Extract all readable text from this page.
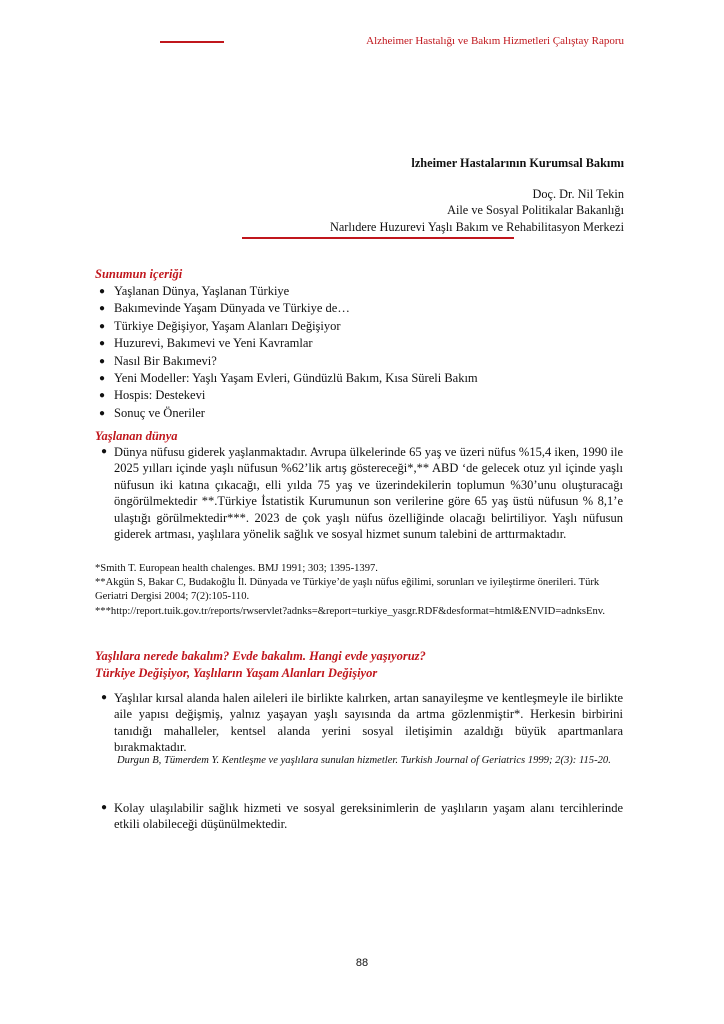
Alzheimer Hastalığı ve Bakım Hizmetleri Çalıştay Raporu
lzheimer Hastalarının Kurumsal Bakımı
Doç. Dr. Nil Tekin
Aile ve Sosyal Politikalar Bakanlığı
Narlıdere Huzurevi Yaşlı Bakım ve Rehabilitasyon Merkezi
Sunumun içeriği
● Yaşlanan Dünya, Yaşlanan Türkiye
● Bakımevinde Yaşam Dünyada ve Türkiye de…
● Türkiye Değişiyor, Yaşam Alanları Değişiyor
● Huzurevi, Bakımevi ve Yeni Kavramlar
● Nasıl Bir Bakımevi?
● Yeni Modeller: Yaşlı Yaşam Evleri, Gündüzlü Bakım, Kısa Süreli Bakım
● Hospis: Destekevi
● Sonuç ve Öneriler
Yaşlanan dünya
● Dünya nüfusu giderek yaşlanmaktadır. Avrupa ülkelerinde 65 yaş ve üzeri nüfus %15,4 iken, 1990 ile 2025 yılları içinde yaşlı nüfusun %62’lik artış göstereceği*,** ABD ‘de gelecek otuz yıl içinde yaşlı nüfusun iki katına çıkacağı, elli yılda 75 yaş ve üzerindekilerin toplumun %30’unu oluşturacağı öngörülmektedir **.Türkiye İstatistik Kurumunun son verilerine göre 65 yaş üstü nüfusun % 8,1’e ulaştığı görülmektedir***. 2023 de çok yaşlı nüfus özelliğinde olacağı belirtiliyor. Yaşlı nüfusun giderek artması, yaşlılara yönelik sağlık ve sosyal hizmet sunum talebini de arttırmaktadır.
*Smith T. European health chalenges. BMJ 1991; 303; 1395-1397.
**Akgün S, Bakar C, Budakoğlu İl. Dünyada ve Türkiye’de yaşlı nüfus eğilimi, sorunları ve iyileştirme önerileri. Türk Geriatri Dergisi 2004; 7(2):105-110.
***http://report.tuik.gov.tr/reports/rwservlet?adnks=&report=turkiye_yasgr.RDF&desformat=html&ENVID=adnksEnv.
Yaşlılara nerede bakalım? Evde bakalım. Hangi evde yaşıyoruz?
Türkiye Değişiyor, Yaşlıların Yaşam Alanları Değişiyor
● Yaşlılar kırsal alanda halen aileleri ile birlikte kalırken, artan sanayileşme ve kentleşmeyle ile birlikte aile yapısı değişmiş, yalnız yaşayan yaşlı sayısında da artma gözlenmiştir*. Herkesin birbirini tanıdığı mahalleler, kentsel alanda yerini sosyal iletişimin azaldığı büyük apartmanlara bırakmaktadır.
Durgun B, Tümerdem Y. Kentleşme ve yaşlılara sunulan hizmetler. Turkish Journal of Geriatrics 1999; 2(3): 115-20.
● Kolay ulaşılabilir sağlık hizmeti ve sosyal gereksinimlerin de yaşlıların yaşam alanı tercihlerinde etkili olabileceği düşünülmektedir.
88
